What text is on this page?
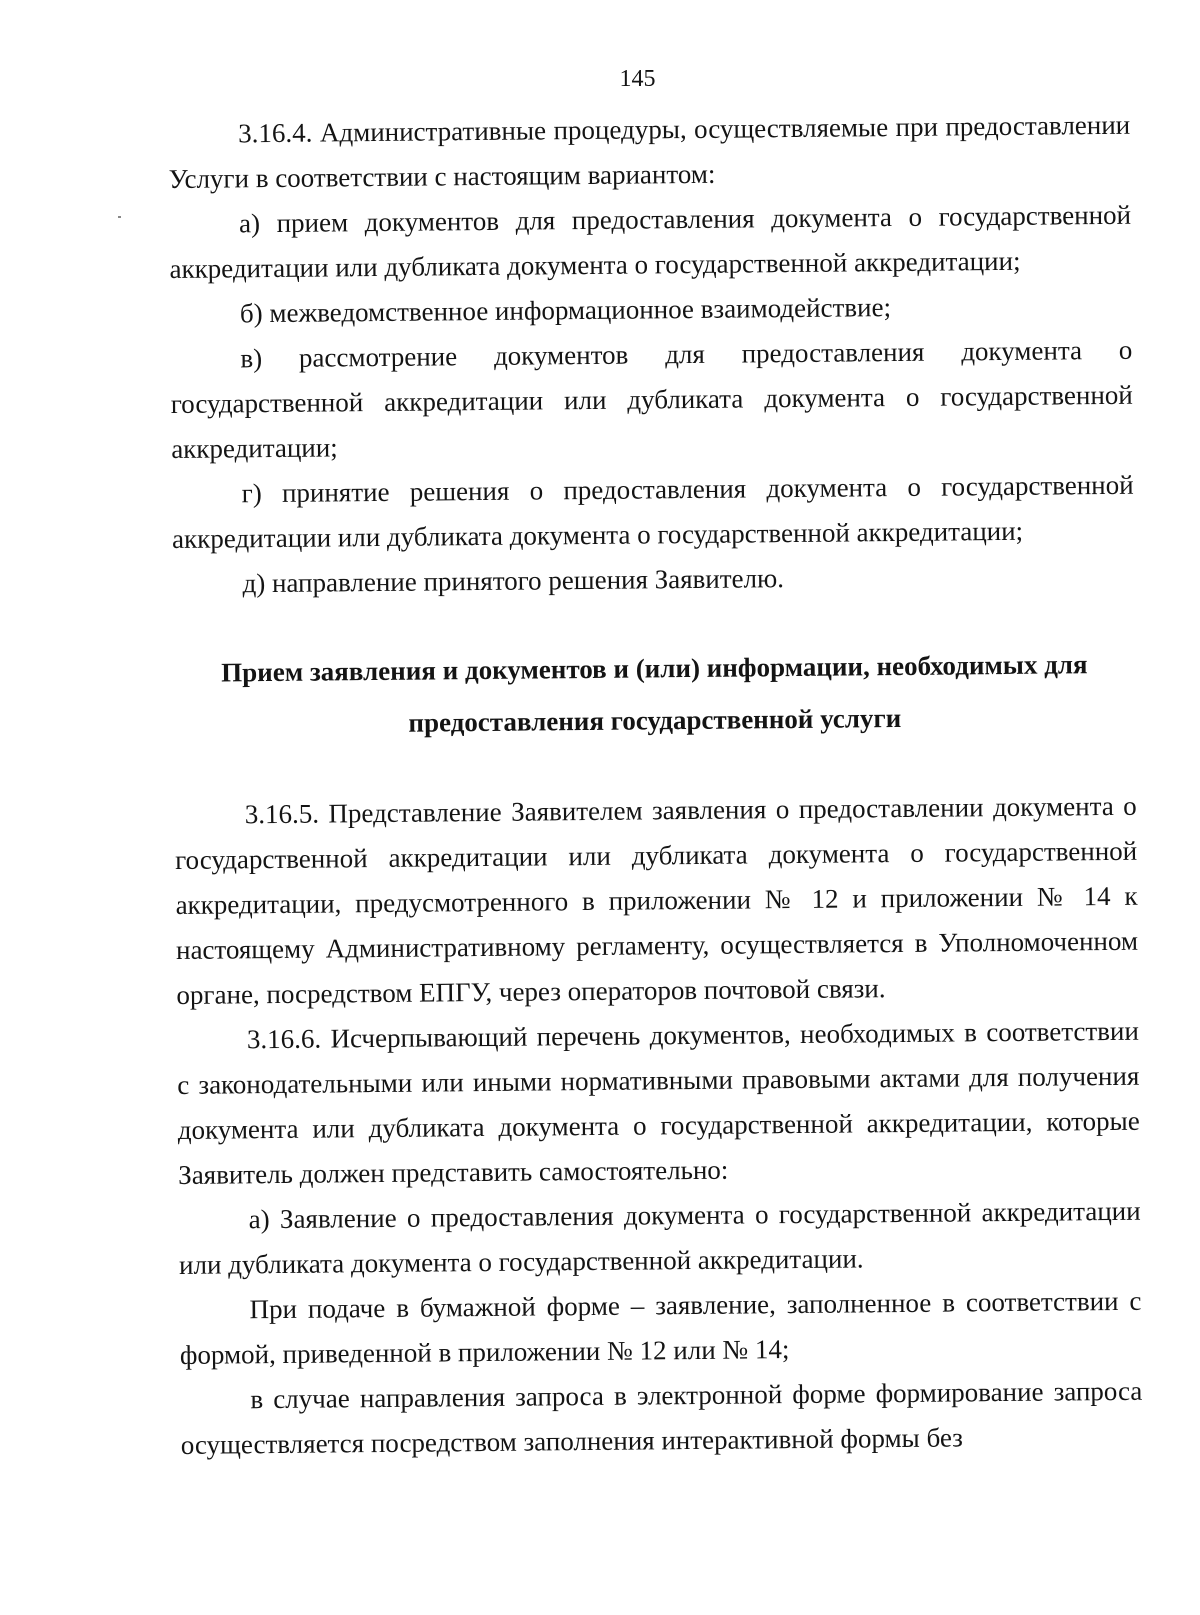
145

3.16.4. Административные процедуры, осуществляемые при предоставлении Услуги в соответствии с настоящим вариантом:

а) прием документов для предоставления документа о государственной аккредитации или дубликата документа о государственной аккредитации;

б) межведомственное информационное взаимодействие;

в) рассмотрение документов для предоставления документа о государственной аккредитации или дубликата документа о государственной аккредитации;

г) принятие решения о предоставления документа о государственной аккредитации или дубликата документа о государственной аккредитации;

д) направление принятого решения Заявителю.

Прием заявления и документов и (или) информации, необходимых для
предоставления государственной услуги

3.16.5. Представление Заявителем заявления о предоставлении документа о государственной аккредитации или дубликата документа о государственной аккредитации, предусмотренного в приложении № 12 и приложении № 14 к настоящему Административному регламенту, осуществляется в Уполномоченном органе, посредством ЕПГУ, через операторов почтовой связи.

3.16.6. Исчерпывающий перечень документов, необходимых в соответствии с законодательными или иными нормативными правовыми актами для получения документа или дубликата документа о государственной аккредитации, которые Заявитель должен представить самостоятельно:

а) Заявление о предоставления документа о государственной аккредитации или дубликата документа о государственной аккредитации.

При подаче в бумажной форме – заявление, заполненное в соответствии с формой, приведенной в приложении № 12 или № 14;

в случае направления запроса в электронной форме формирование запроса осуществляется посредством заполнения интерактивной формы без
